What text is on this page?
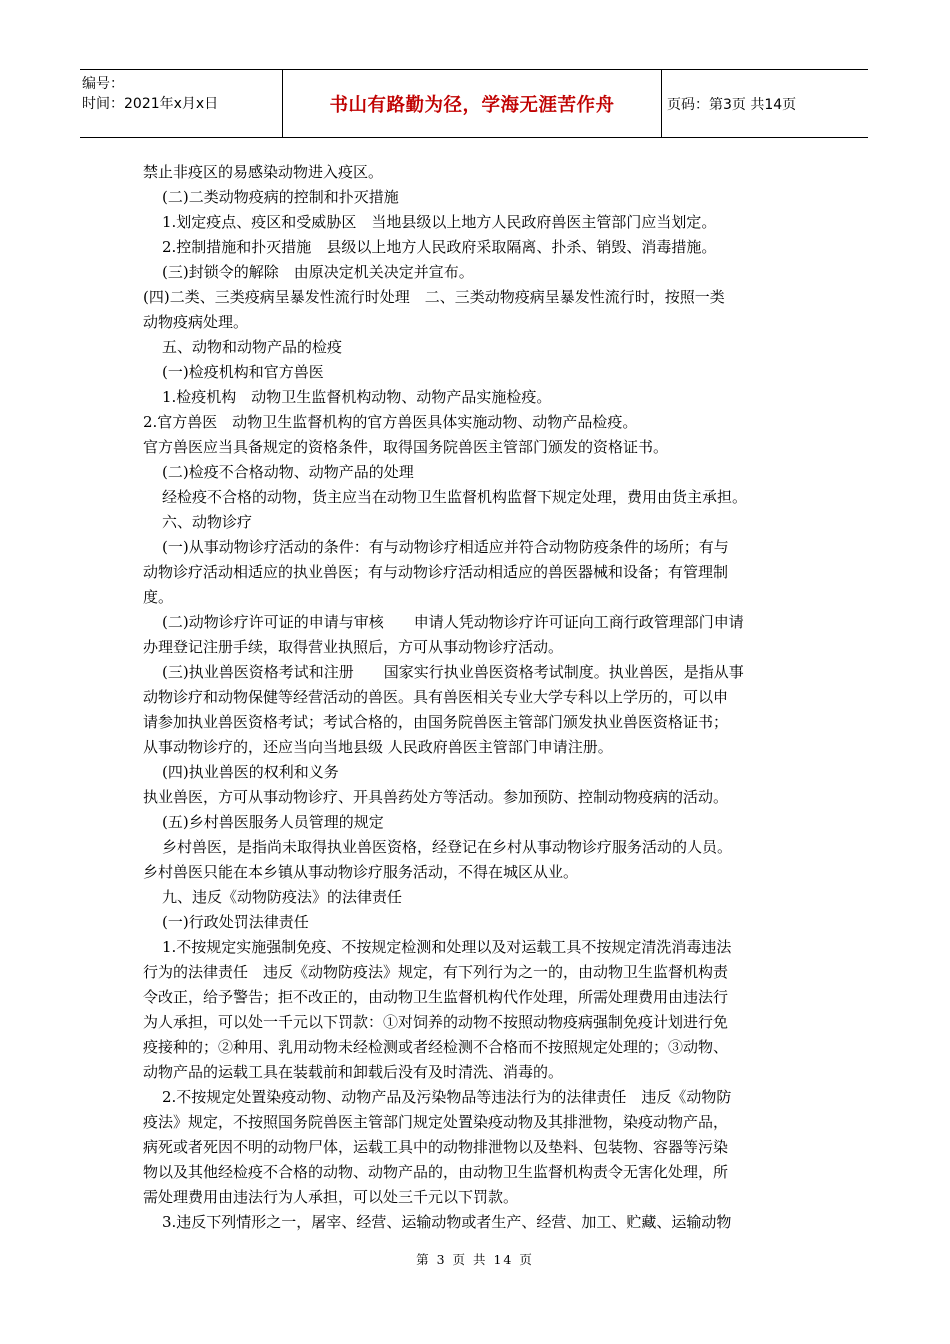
编号：
时间：2021年x月x日	书山有路勤为径，学海无涯苦作舟	页码：第3页 共14页
禁止非疫区的易感染动物进入疫区。
(二)二类动物疫病的控制和扑灭措施
1.划定疫点、疫区和受威胁区　当地县级以上地方人民政府兽医主管部门应当划定。
2.控制措施和扑灭措施　县级以上地方人民政府采取隔离、扑杀、销毁、消毒措施。
(三)封锁令的解除　由原决定机关决定并宣布。
(四)二类、三类疫病呈暴发性流行时处理　二、三类动物疫病呈暴发性流行时，按照一类
动物疫病处理。
五、动物和动物产品的检疫
(一)检疫机构和官方兽医
1.检疫机构　动物卫生监督机构动物、动物产品实施检疫。
2.官方兽医　动物卫生监督机构的官方兽医具体实施动物、动物产品检疫。
官方兽医应当具备规定的资格条件，取得国务院兽医主管部门颁发的资格证书。
(二)检疫不合格动物、动物产品的处理
经检疫不合格的动物，货主应当在动物卫生监督机构监督下规定处理，费用由货主承担。
六、动物诊疗
(一)从事动物诊疗活动的条件：有与动物诊疗相适应并符合动物防疫条件的场所；有与
动物诊疗活动相适应的执业兽医；有与动物诊疗活动相适应的兽医器械和设备；有管理制
度。
(二)动物诊疗许可证的申请与审核　　申请人凭动物诊疗许可证向工商行政管理部门申请
办理登记注册手续，取得营业执照后，方可从事动物诊疗活动。
(三)执业兽医资格考试和注册　　国家实行执业兽医资格考试制度。执业兽医，是指从事
动物诊疗和动物保健等经营活动的兽医。具有兽医相关专业大学专科以上学历的，可以申
请参加执业兽医资格考试；考试合格的，由国务院兽医主管部门颁发执业兽医资格证书；
从事动物诊疗的，还应当向当地县级 人民政府兽医主管部门申请注册。
(四)执业兽医的权利和义务
执业兽医，方可从事动物诊疗、开具兽药处方等活动。参加预防、控制动物疫病的活动。
(五)乡村兽医服务人员管理的规定
乡村兽医，是指尚未取得执业兽医资格，经登记在乡村从事动物诊疗服务活动的人员。
乡村兽医只能在本乡镇从事动物诊疗服务活动，不得在城区从业。
九、违反《动物防疫法》的法律责任
(一)行政处罚法律责任
1.不按规定实施强制免疫、不按规定检测和处理以及对运载工具不按规定清洗消毒违法
行为的法律责任　违反《动物防疫法》规定，有下列行为之一的，由动物卫生监督机构责
令改正，给予警告；拒不改正的，由动物卫生监督机构代作处理，所需处理费用由违法行
为人承担，可以处一千元以下罚款：①对饲养的动物不按照动物疫病强制免疫计划进行免
疫接种的；②种用、乳用动物未经检测或者经检测不合格而不按照规定处理的；③动物、
动物产品的运载工具在装载前和卸载后没有及时清洗、消毒的。
2.不按规定处置染疫动物、动物产品及污染物品等违法行为的法律责任　违反《动物防
疫法》规定，不按照国务院兽医主管部门规定处置染疫动物及其排泄物，染疫动物产品，
病死或者死因不明的动物尸体，运载工具中的动物排泄物以及垫料、包装物、容器等污染
物以及其他经检疫不合格的动物、动物产品的，由动物卫生监督机构责令无害化处理，所
需处理费用由违法行为人承担，可以处三千元以下罚款。
3.违反下列情形之一，屠宰、经营、运输动物或者生产、经营、加工、贮藏、运输动物
第 3 页 共 14 页
